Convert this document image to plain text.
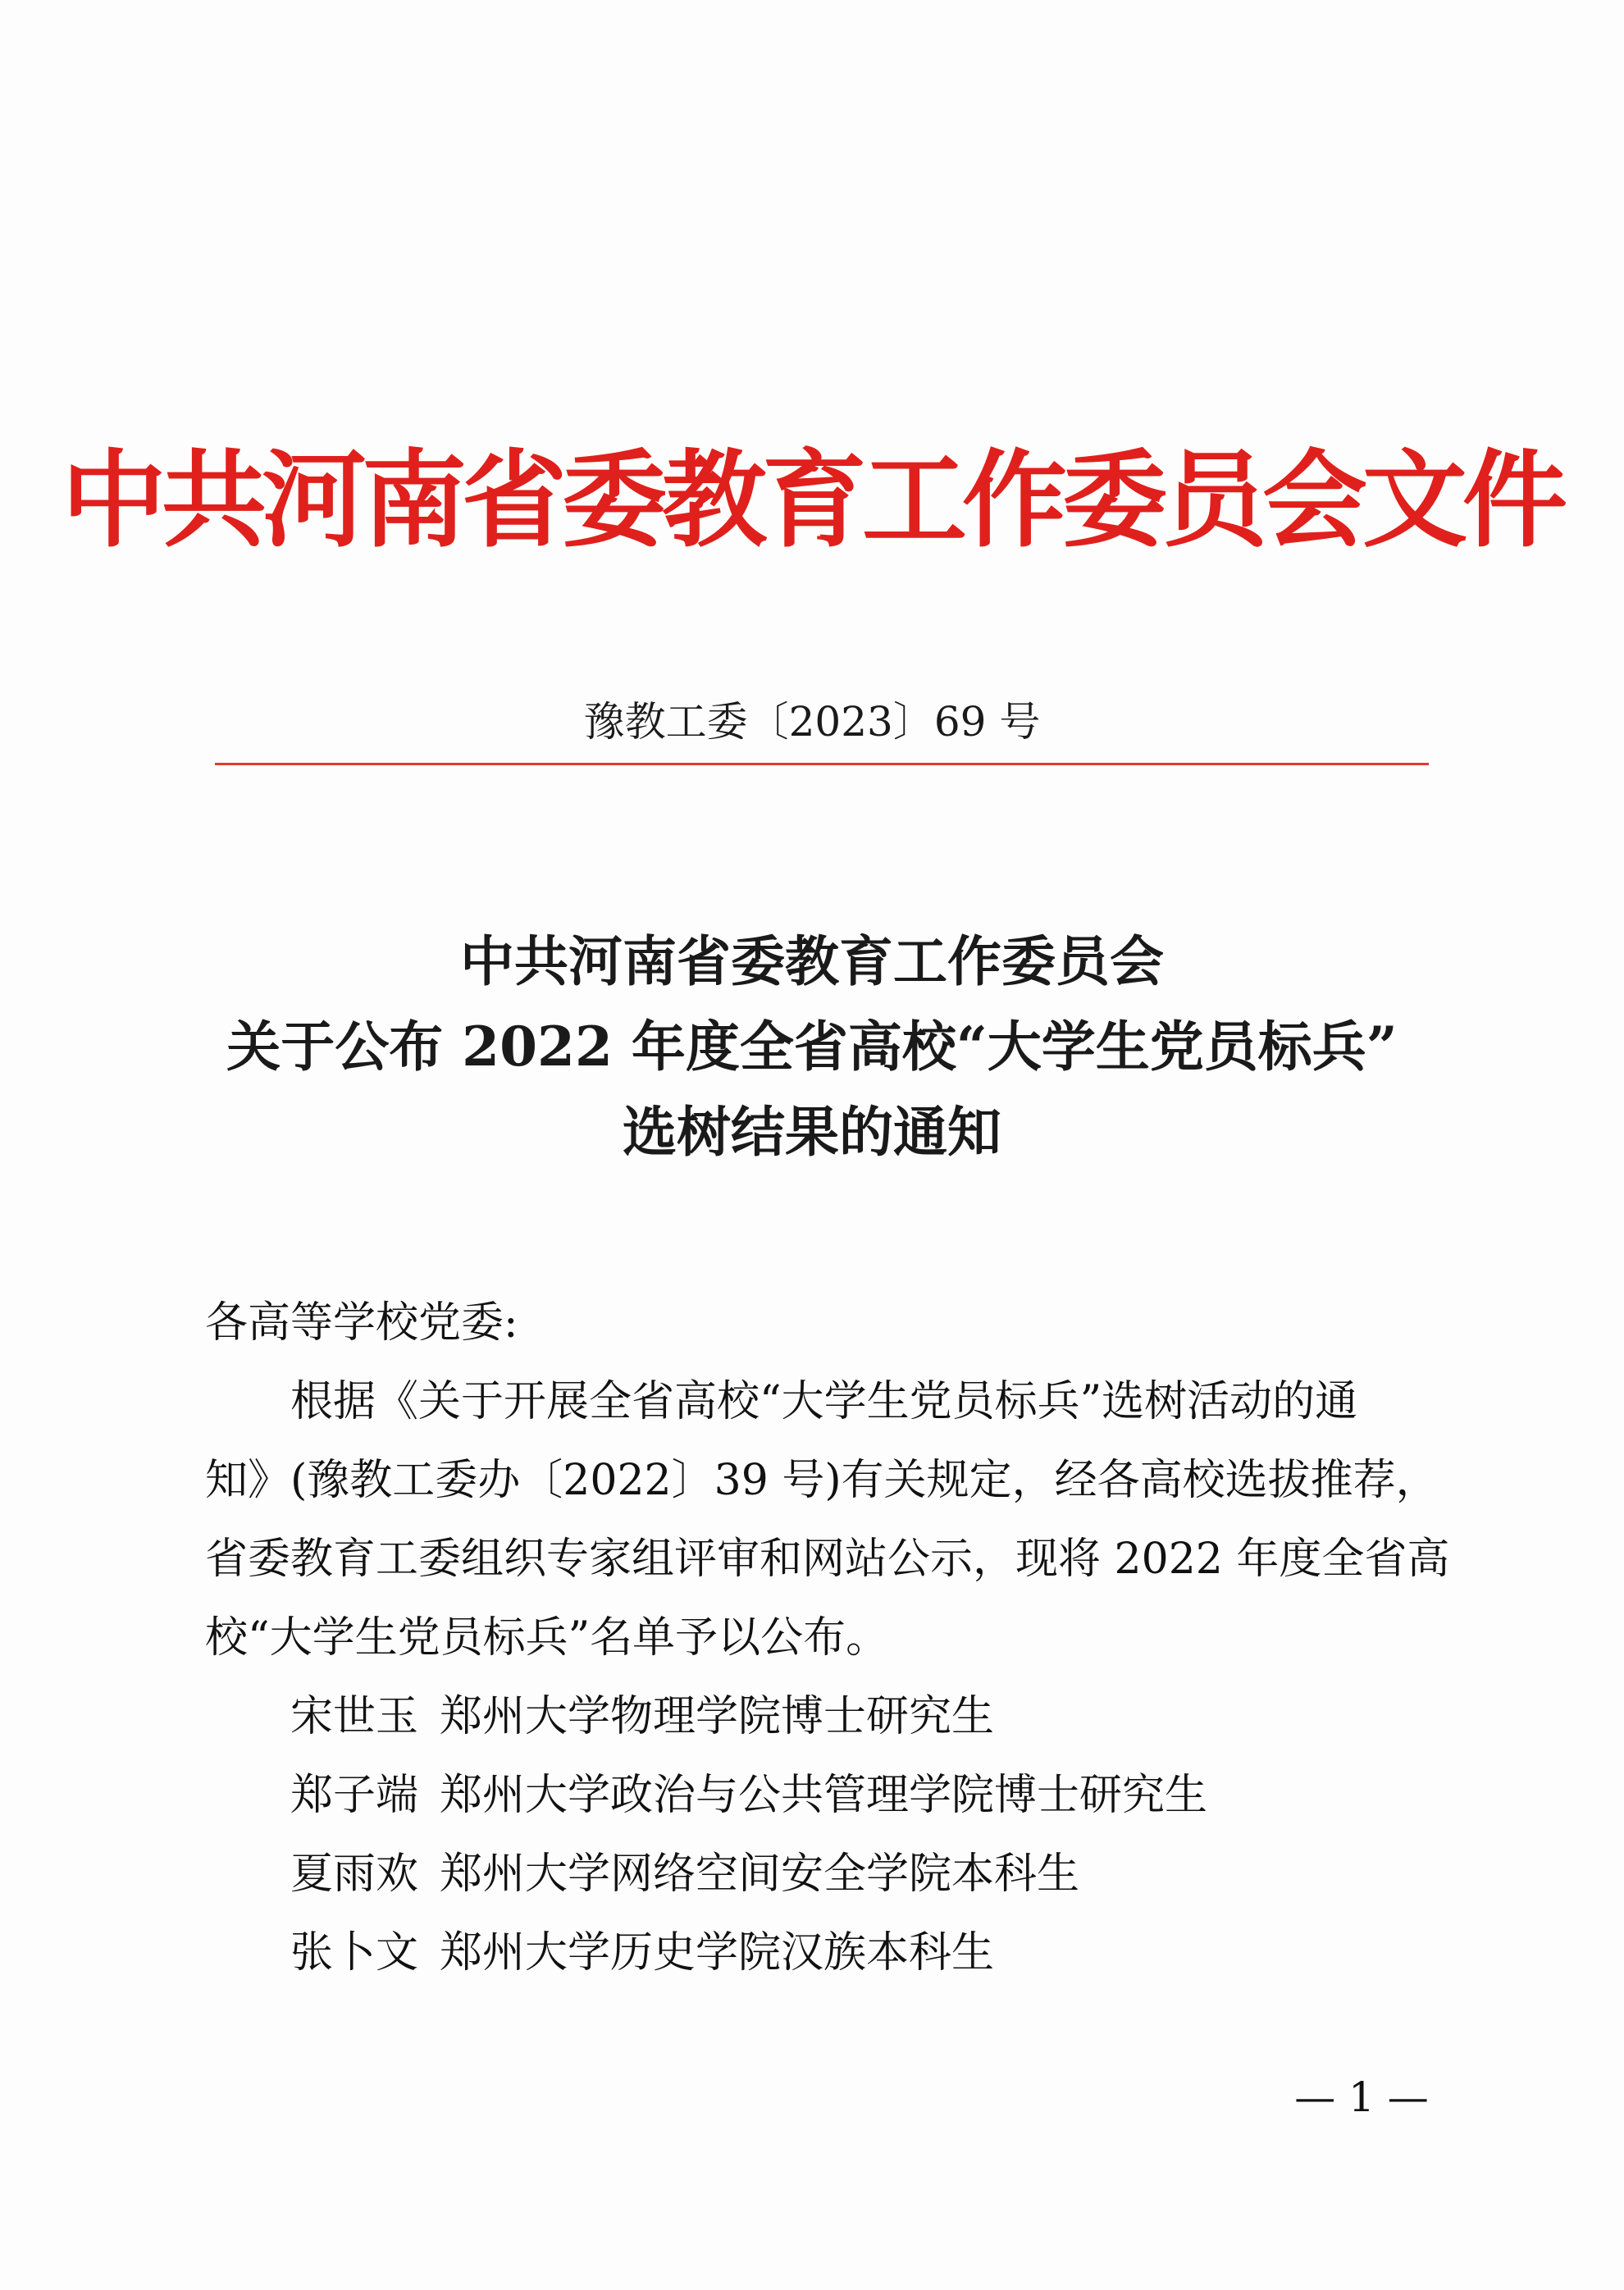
中共河南省委教育工作委员会文件
豫教工委〔2023〕69 号
中共河南省委教育工作委员会
关于公布 2022 年度全省高校“大学生党员标兵”
选树结果的通知
各高等学校党委:
根据《关于开展全省高校“大学生党员标兵”选树活动的通
知》(豫教工委办〔2022〕39 号)有关规定，经各高校选拔推荐，
省委教育工委组织专家组评审和网站公示，现将 2022 年度全省高
校“大学生党员标兵”名单予以公布。
宋世玉 郑州大学物理学院博士研究生
郑子端 郑州大学政治与公共管理学院博士研究生
夏雨欢 郑州大学网络空间安全学院本科生
张卜文 郑州大学历史学院汉族本科生
— 1 —
